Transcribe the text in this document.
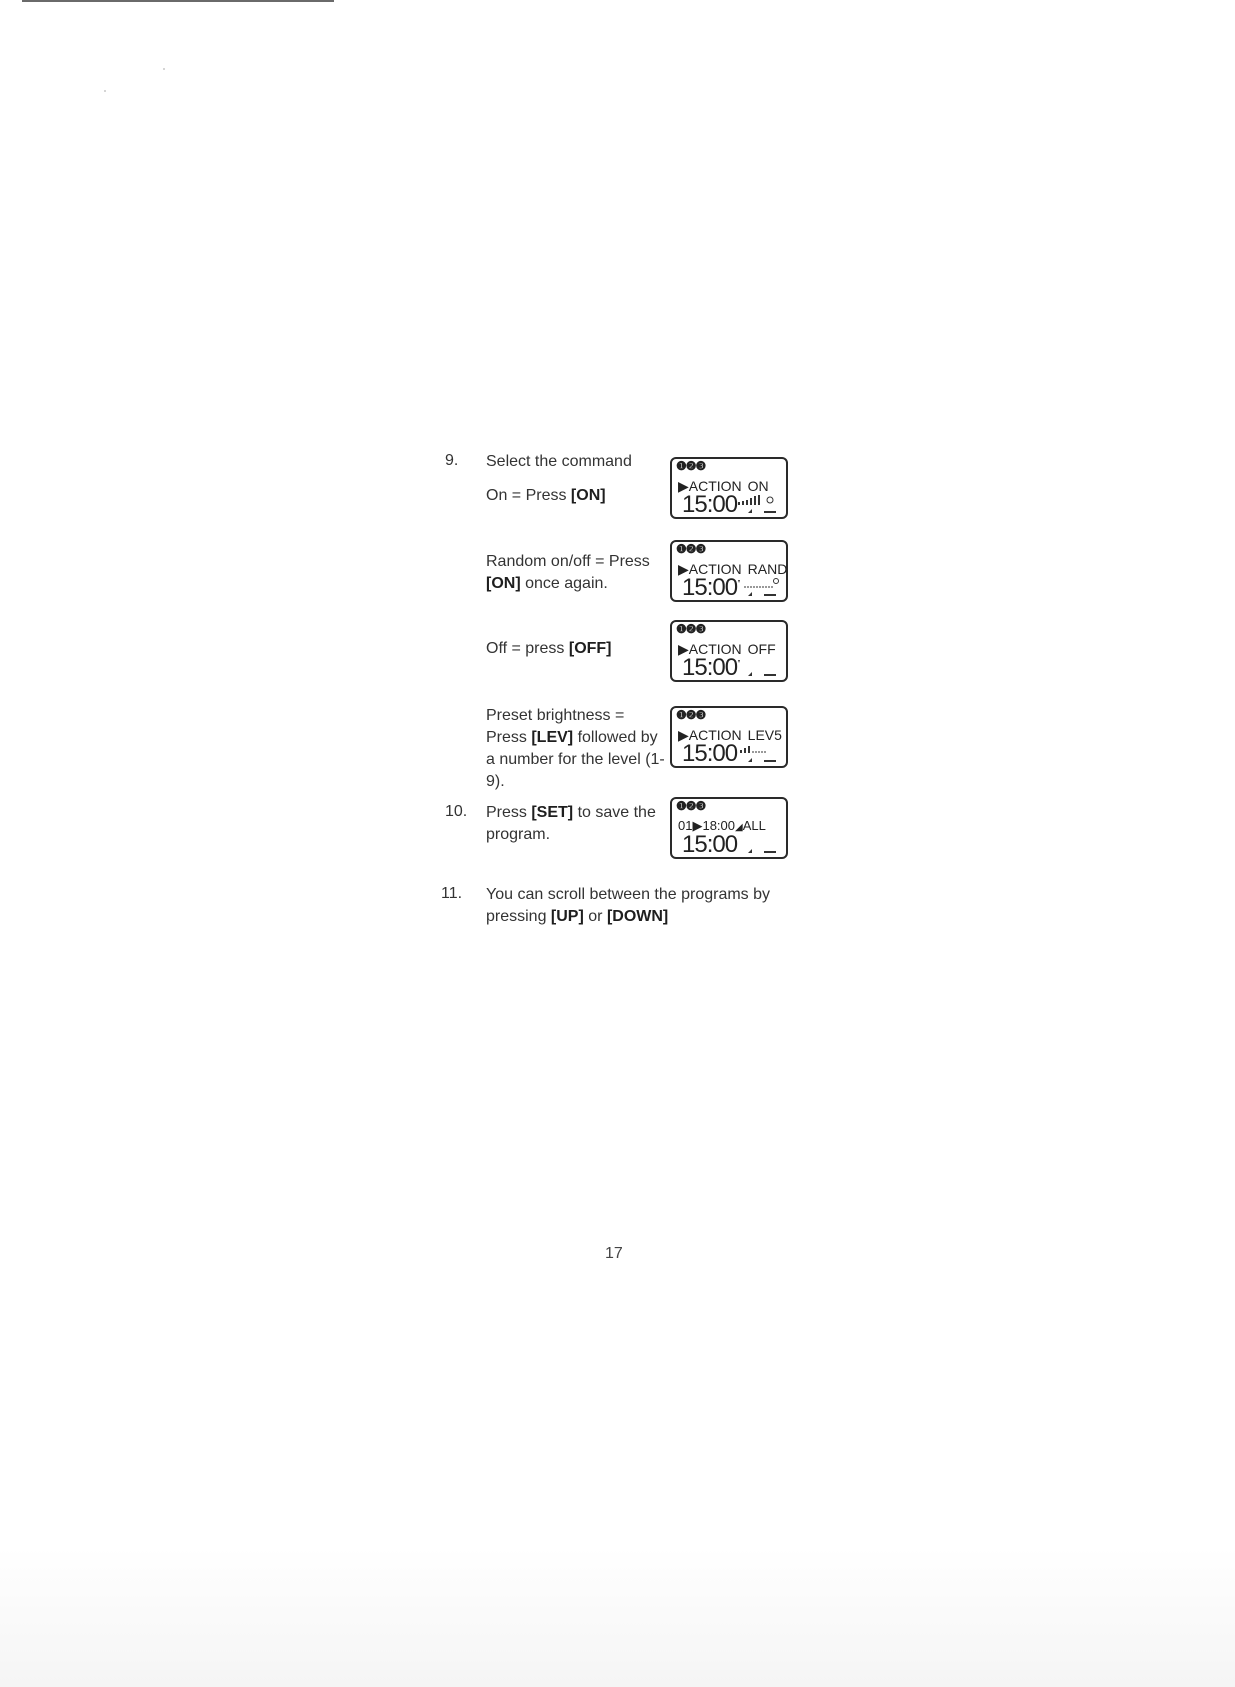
9. Select the command
On = Press [ON]
❶❷❸
▶ACTION ON
15:00
Random on/off = Press [ON] once again.
❶❷❸
▶ACTION RAND
15:00
Off = press [OFF]
❶❷❸
▶ACTION OFF
15:00
Preset brightness = Press [LEV] followed by a number for the level (1-9).
❶❷❸
▶ACTION LEV5
15:00
10. Press [SET] to save the program.
❶❷❸
01▶18:00◢ALL
15:00
11. You can scroll between the programs by pressing [UP] or [DOWN]
17
